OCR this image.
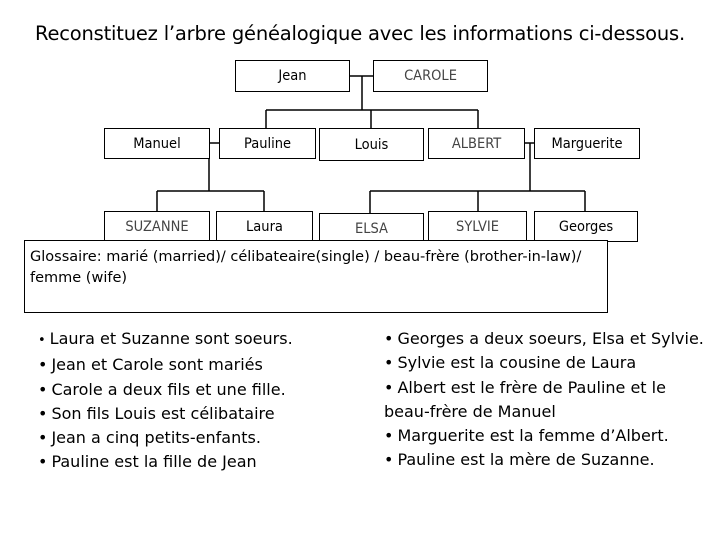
Reconstituez l’arbre généalogique avec les informations ci-dessous.
Jean	CAROLE
Manuel	Pauline	Louis	ALBERT	Marguerite
SUZANNE	Laura	ELSA	SYLVIE	Georges
Glossaire: marié (married)/ célibateaire(single) / beau-frère (brother-in-law)/ femme (wife)
• Laura et Suzanne sont soeurs.
• Jean et Carole sont mariés
• Carole a deux fils et une fille.
• Son fils Louis est célibataire
• Jean a cinq petits-enfants.
• Pauline est la fille de Jean
• Georges a deux soeurs, Elsa et Sylvie.
• Sylvie est la cousine de Laura
• Albert est le frère de Pauline et le
beau-frère de Manuel
• Marguerite est la femme d’Albert.
• Pauline est la mère de Suzanne.
